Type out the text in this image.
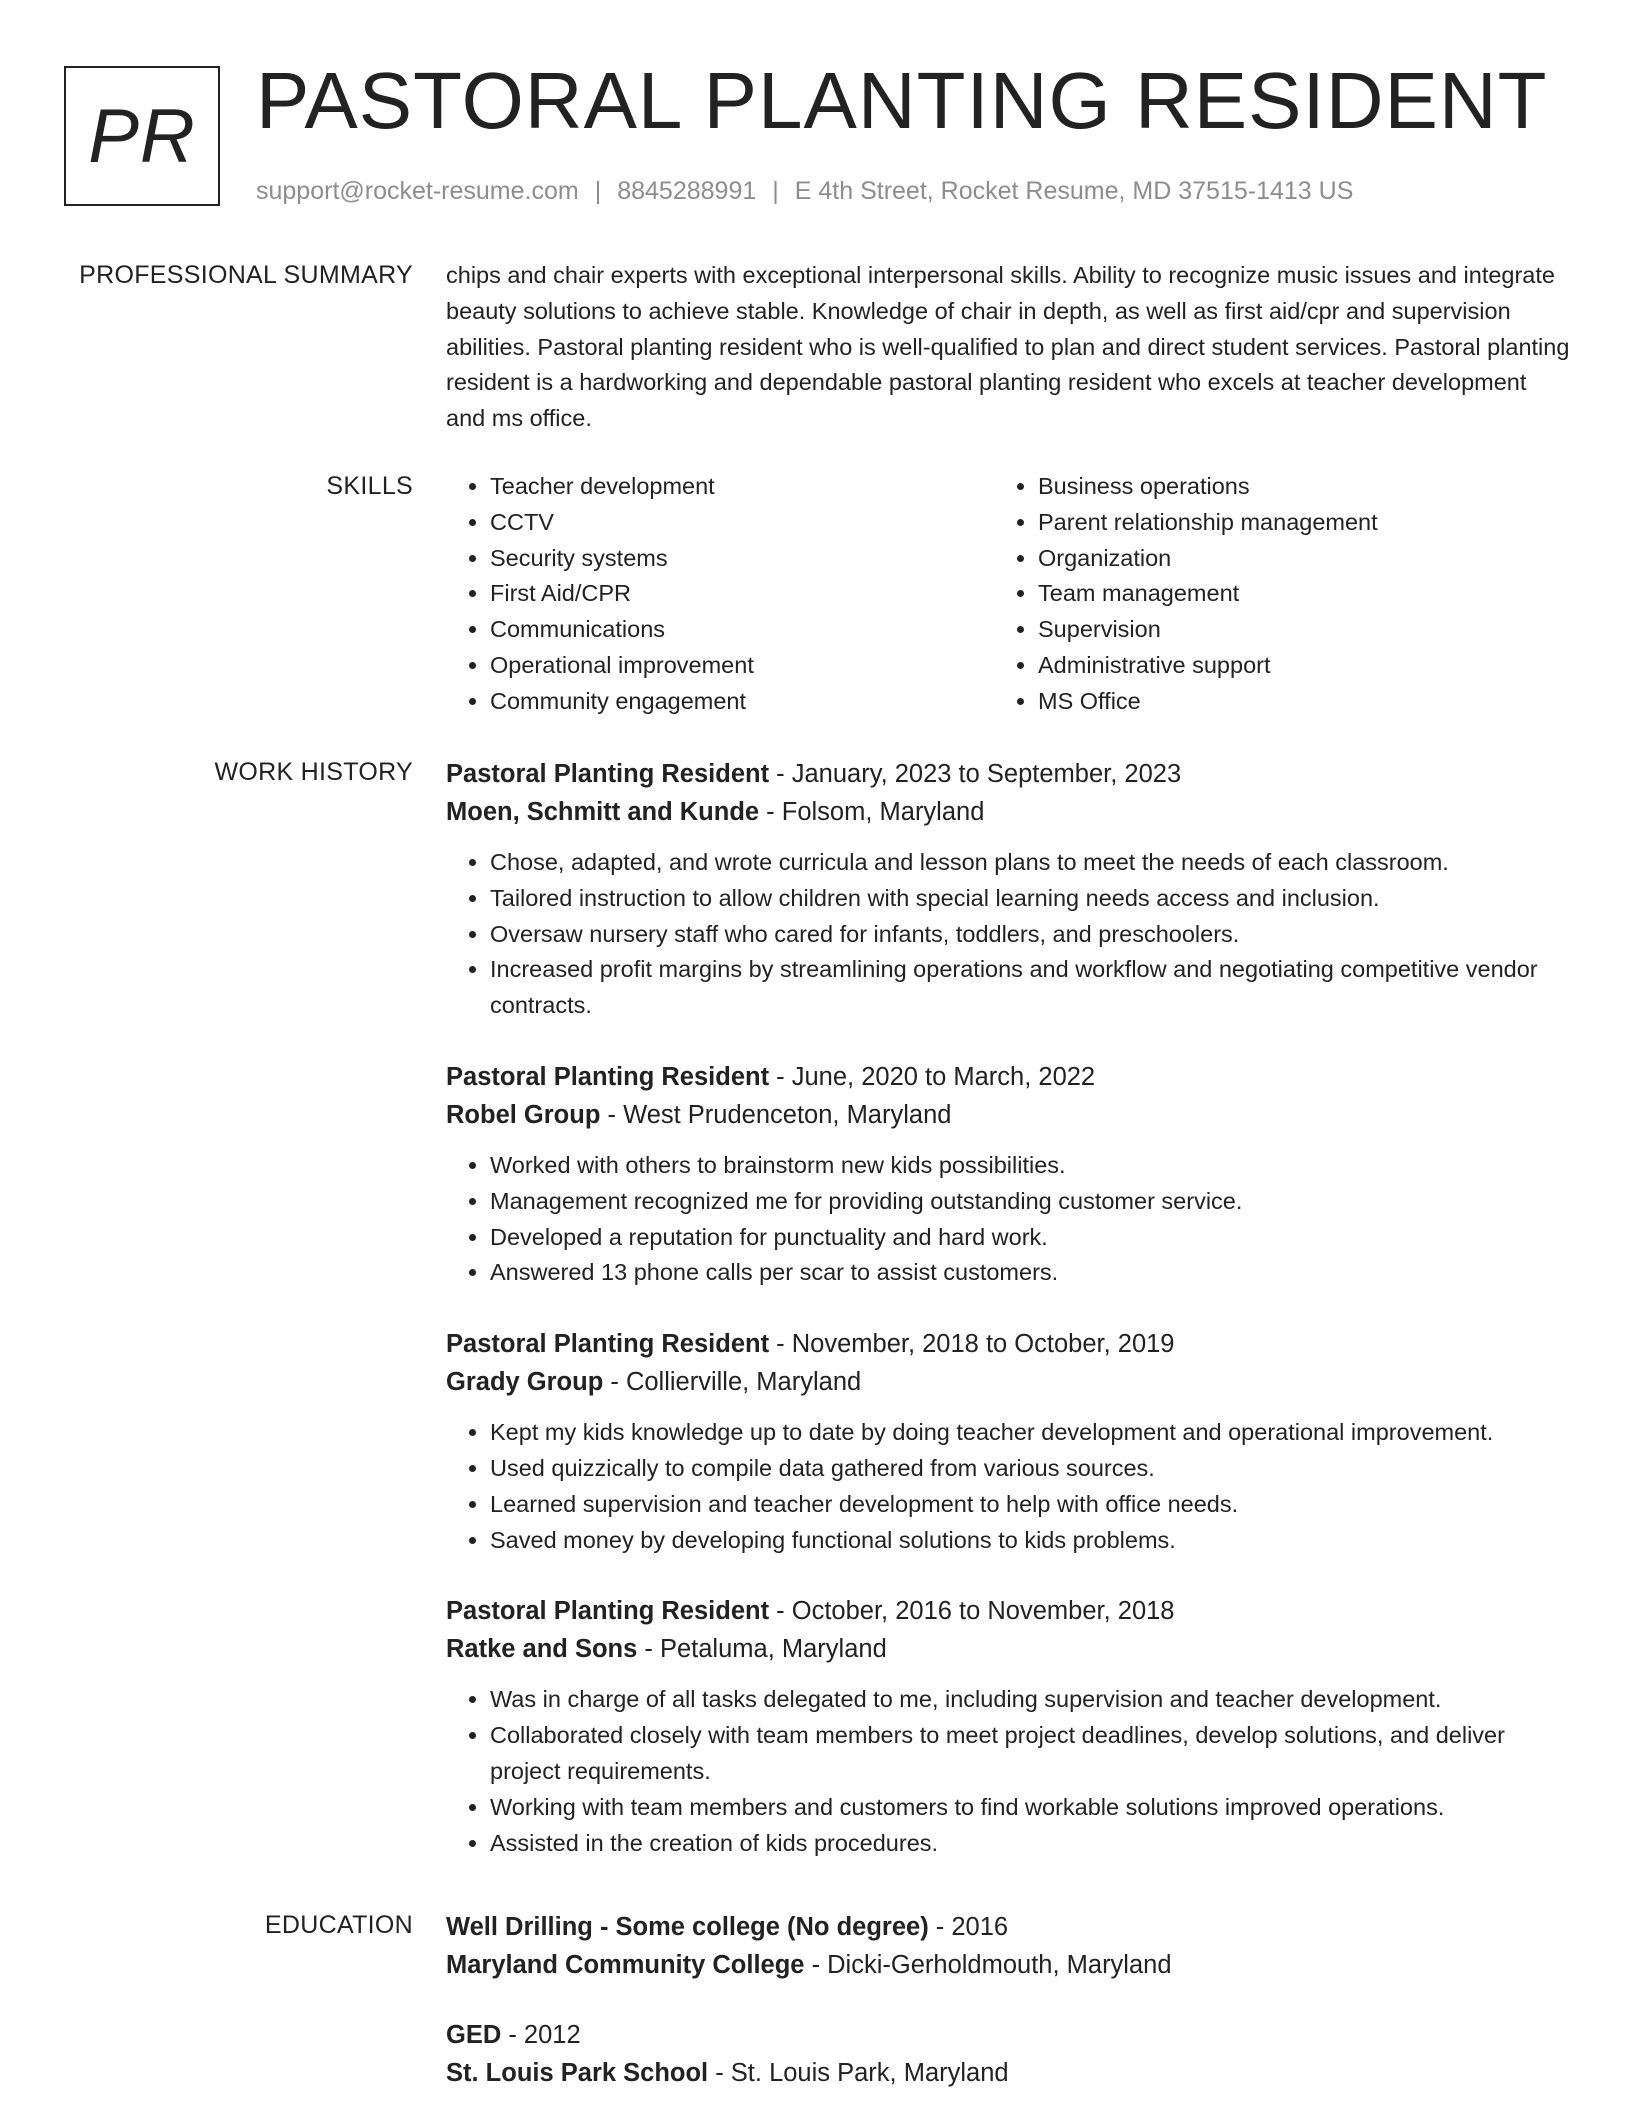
PR PASTORAL PLANTING RESIDENT
support@rocket-resume.com | 8845288991 | E 4th Street, Rocket Resume, MD 37515-1413 US
PROFESSIONAL SUMMARY chips and chair experts with exceptional interpersonal skills. Ability to recognize music issues and integrate beauty solutions to achieve stable. Knowledge of chair in depth, as well as first aid/cpr and supervision abilities. Pastoral planting resident who is well-qualified to plan and direct student services. Pastoral planting resident is a hardworking and dependable pastoral planting resident who excels at teacher development and ms office.

SKILLS
•	Teacher development
• CCTV
• Security systems
• First Aid/CPR
• Communications
• Operational improvement
• Community engagement
• Business operations
• Parent relationship management
• Organization
• Team management
• Supervision
• Administrative support
• MS Office
WORK HISTORY Pastoral Planting Resident - January, 2023 to September, 2023
Moen, Schmitt and Kunde - Folsom, Maryland
• Chose, adapted, and wrote curricula and lesson plans to meet the needs of each classroom.
• Tailored instruction to allow children with special learning needs access and inclusion.
• Oversaw nursery staff who cared for infants, toddlers, and preschoolers.
• Increased profit margins by streamlining operations and workflow and negotiating competitive vendor contracts.
Pastoral Planting Resident - June, 2020 to March, 2022
Robel Group - West Prudenceton, Maryland
• Worked with others to brainstorm new kids possibilities.
• Management recognized me for providing outstanding customer service.
• Developed a reputation for punctuality and hard work.
• Answered 13 phone calls per scar to assist customers.
Pastoral Planting Resident - November, 2018 to October, 2019
Grady Group - Collierville, Maryland
• Kept my kids knowledge up to date by doing teacher development and operational improvement.
• Used quizzically to compile data gathered from various sources.
• Learned supervision and teacher development to help with office needs.
• Saved money by developing functional solutions to kids problems.
Pastoral Planting Resident - October, 2016 to November, 2018
Ratke and Sons - Petaluma, Maryland
• Was in charge of all tasks delegated to me, including supervision and teacher development.
• Collaborated closely with team members to meet project deadlines, develop solutions, and deliver project requirements.
• Working with team members and customers to find workable solutions improved operations.
• Assisted in the creation of kids procedures.
EDUCATION Well Drilling - Some college (No degree) - 2016
Maryland Community College - Dicki-Gerholdmouth, Maryland
GED - 2012
St. Louis Park School - St. Louis Park, Maryland
